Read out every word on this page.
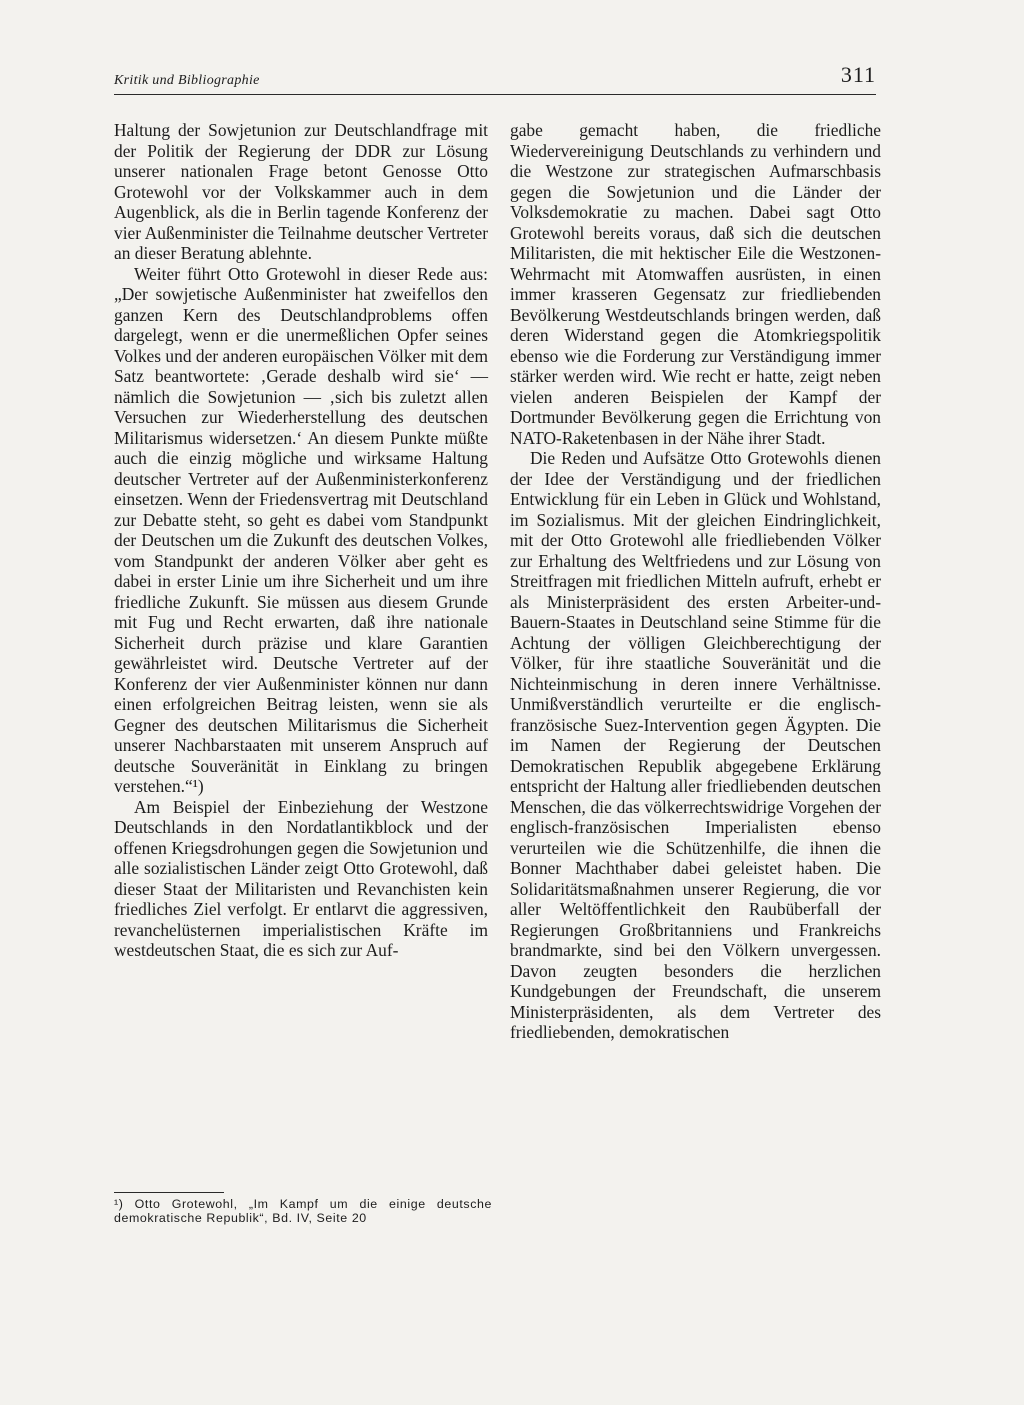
Kritik und Bibliographie	311

Haltung der Sowjetunion zur Deutschlandfrage mit der Politik der Regierung der DDR zur Lösung unserer nationalen Frage betont Genosse Otto Grotewohl vor der Volkskammer auch in dem Augenblick, als die in Berlin tagende Konferenz der vier Außenminister die Teilnahme deutscher Vertreter an dieser Beratung ablehnte.

Weiter führt Otto Grotewohl in dieser Rede aus: „Der sowjetische Außenminister hat zweifellos den ganzen Kern des Deutschlandproblems offen dargelegt, wenn er die unermeßlichen Opfer seines Volkes und der anderen europäischen Völker mit dem Satz beantwortete: ‚Gerade deshalb wird sie‘ — nämlich die Sowjetunion — ‚sich bis zuletzt allen Versuchen zur Wiederherstellung des deutschen Militarismus widersetzen.‘ An diesem Punkte müßte auch die einzig mögliche und wirksame Haltung deutscher Vertreter auf der Außenministerkonferenz einsetzen. Wenn der Friedensvertrag mit Deutschland zur Debatte steht, so geht es dabei vom Standpunkt der Deutschen um die Zukunft des deutschen Volkes, vom Standpunkt der anderen Völker aber geht es dabei in erster Linie um ihre Sicherheit und um ihre friedliche Zukunft. Sie müssen aus diesem Grunde mit Fug und Recht erwarten, daß ihre nationale Sicherheit durch präzise und klare Garantien gewährleistet wird. Deutsche Vertreter auf der Konferenz der vier Außenminister können nur dann einen erfolgreichen Beitrag leisten, wenn sie als Gegner des deutschen Militarismus die Sicherheit unserer Nachbarstaaten mit unserem Anspruch auf deutsche Souveränität in Einklang zu bringen verstehen.“¹)

Am Beispiel der Einbeziehung der Westzone Deutschlands in den Nordatlantikblock und der offenen Kriegsdrohungen gegen die Sowjetunion und alle sozialistischen Länder zeigt Otto Grotewohl, daß dieser Staat der Militaristen und Revanchisten kein friedliches Ziel verfolgt. Er entlarvt die aggressiven, revanchelüsternen imperialistischen Kräfte im westdeutschen Staat, die es sich zur Auf-

gabe gemacht haben, die friedliche Wiedervereinigung Deutschlands zu verhindern und die Westzone zur strategischen Aufmarschbasis gegen die Sowjetunion und die Länder der Volksdemokratie zu machen. Dabei sagt Otto Grotewohl bereits voraus, daß sich die deutschen Militaristen, die mit hektischer Eile die Westzonen-Wehrmacht mit Atomwaffen ausrüsten, in einen immer krasseren Gegensatz zur friedliebenden Bevölkerung Westdeutschlands bringen werden, daß deren Widerstand gegen die Atomkriegspolitik ebenso wie die Forderung zur Verständigung immer stärker werden wird. Wie recht er hatte, zeigt neben vielen anderen Beispielen der Kampf der Dortmunder Bevölkerung gegen die Errichtung von NATO-Raketenbasen in der Nähe ihrer Stadt.

Die Reden und Aufsätze Otto Grotewohls dienen der Idee der Verständigung und der friedlichen Entwicklung für ein Leben in Glück und Wohlstand, im Sozialismus. Mit der gleichen Eindringlichkeit, mit der Otto Grotewohl alle friedliebenden Völker zur Erhaltung des Weltfriedens und zur Lösung von Streitfragen mit friedlichen Mitteln aufruft, erhebt er als Ministerpräsident des ersten Arbeiter-und-Bauern-Staates in Deutschland seine Stimme für die Achtung der völligen Gleichberechtigung der Völker, für ihre staatliche Souveränität und die Nichteinmischung in deren innere Verhältnisse. Unmißverständlich verurteilte er die englisch-französische Suez-Intervention gegen Ägypten. Die im Namen der Regierung der Deutschen Demokratischen Republik abgegebene Erklärung entspricht der Haltung aller friedliebenden deutschen Menschen, die das völkerrechtswidrige Vorgehen der englisch-französischen Imperialisten ebenso verurteilen wie die Schützenhilfe, die ihnen die Bonner Machthaber dabei geleistet haben. Die Solidaritätsmaßnahmen unserer Regierung, die vor aller Weltöffentlichkeit den Raubüberfall der Regierungen Großbritanniens und Frankreichs brandmarkte, sind bei den Völkern unvergessen. Davon zeugten besonders die herzlichen Kundgebungen der Freundschaft, die unserem Ministerpräsidenten, als dem Vertreter des friedliebenden, demokratischen

¹) Otto Grotewohl, „Im Kampf um die einige deutsche demokratische Republik“, Bd. IV, Seite 20
